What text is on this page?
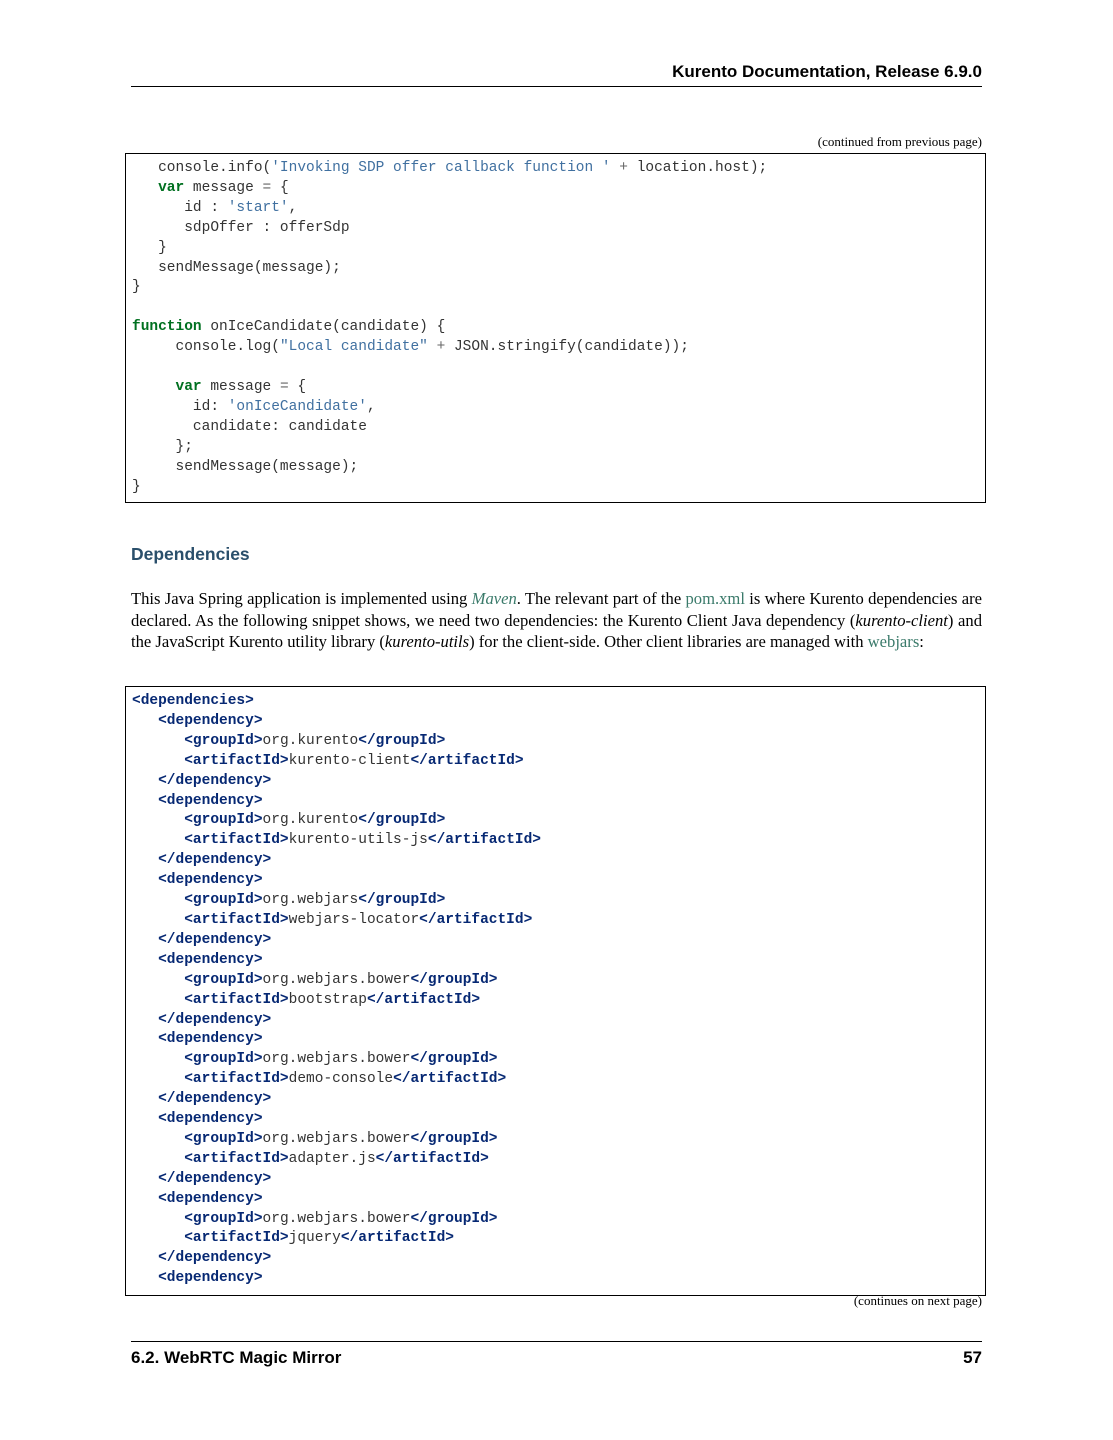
Kurento Documentation, Release 6.9.0
(continued from previous page)
console.info('Invoking SDP offer callback function ' + location.host);
var message = {
id : 'start',
sdpOffer : offerSdp
}
sendMessage(message);
}

function onIceCandidate(candidate) {
console.log("Local candidate" + JSON.stringify(candidate));

var message = {
id: 'onIceCandidate',
candidate: candidate
};
sendMessage(message);
}
Dependencies

This Java Spring application is implemented using Maven. The relevant part of the pom.xml is where Kurento dependencies are declared. As the following snippet shows, we need two dependencies: the Kurento Client Java dependency (kurento-client) and the JavaScript Kurento utility library (kurento-utils) for the client-side. Other client libraries are managed with webjars:

<dependencies>
<dependency>
<groupId>org.kurento</groupId>
<artifactId>kurento-client</artifactId>
</dependency>
<dependency>
<groupId>org.kurento</groupId>
<artifactId>kurento-utils-js</artifactId>
</dependency>
<dependency>
<groupId>org.webjars</groupId>
<artifactId>webjars-locator</artifactId>
</dependency>
<dependency>
<groupId>org.webjars.bower</groupId>
<artifactId>bootstrap</artifactId>
</dependency>
<dependency>
<groupId>org.webjars.bower</groupId>
<artifactId>demo-console</artifactId>
</dependency>
<dependency>
<groupId>org.webjars.bower</groupId>
<artifactId>adapter.js</artifactId>
</dependency>
<dependency>
<groupId>org.webjars.bower</groupId>
<artifactId>jquery</artifactId>
</dependency>
<dependency>
(continues on next page)
6.2. WebRTC Magic Mirror	57
